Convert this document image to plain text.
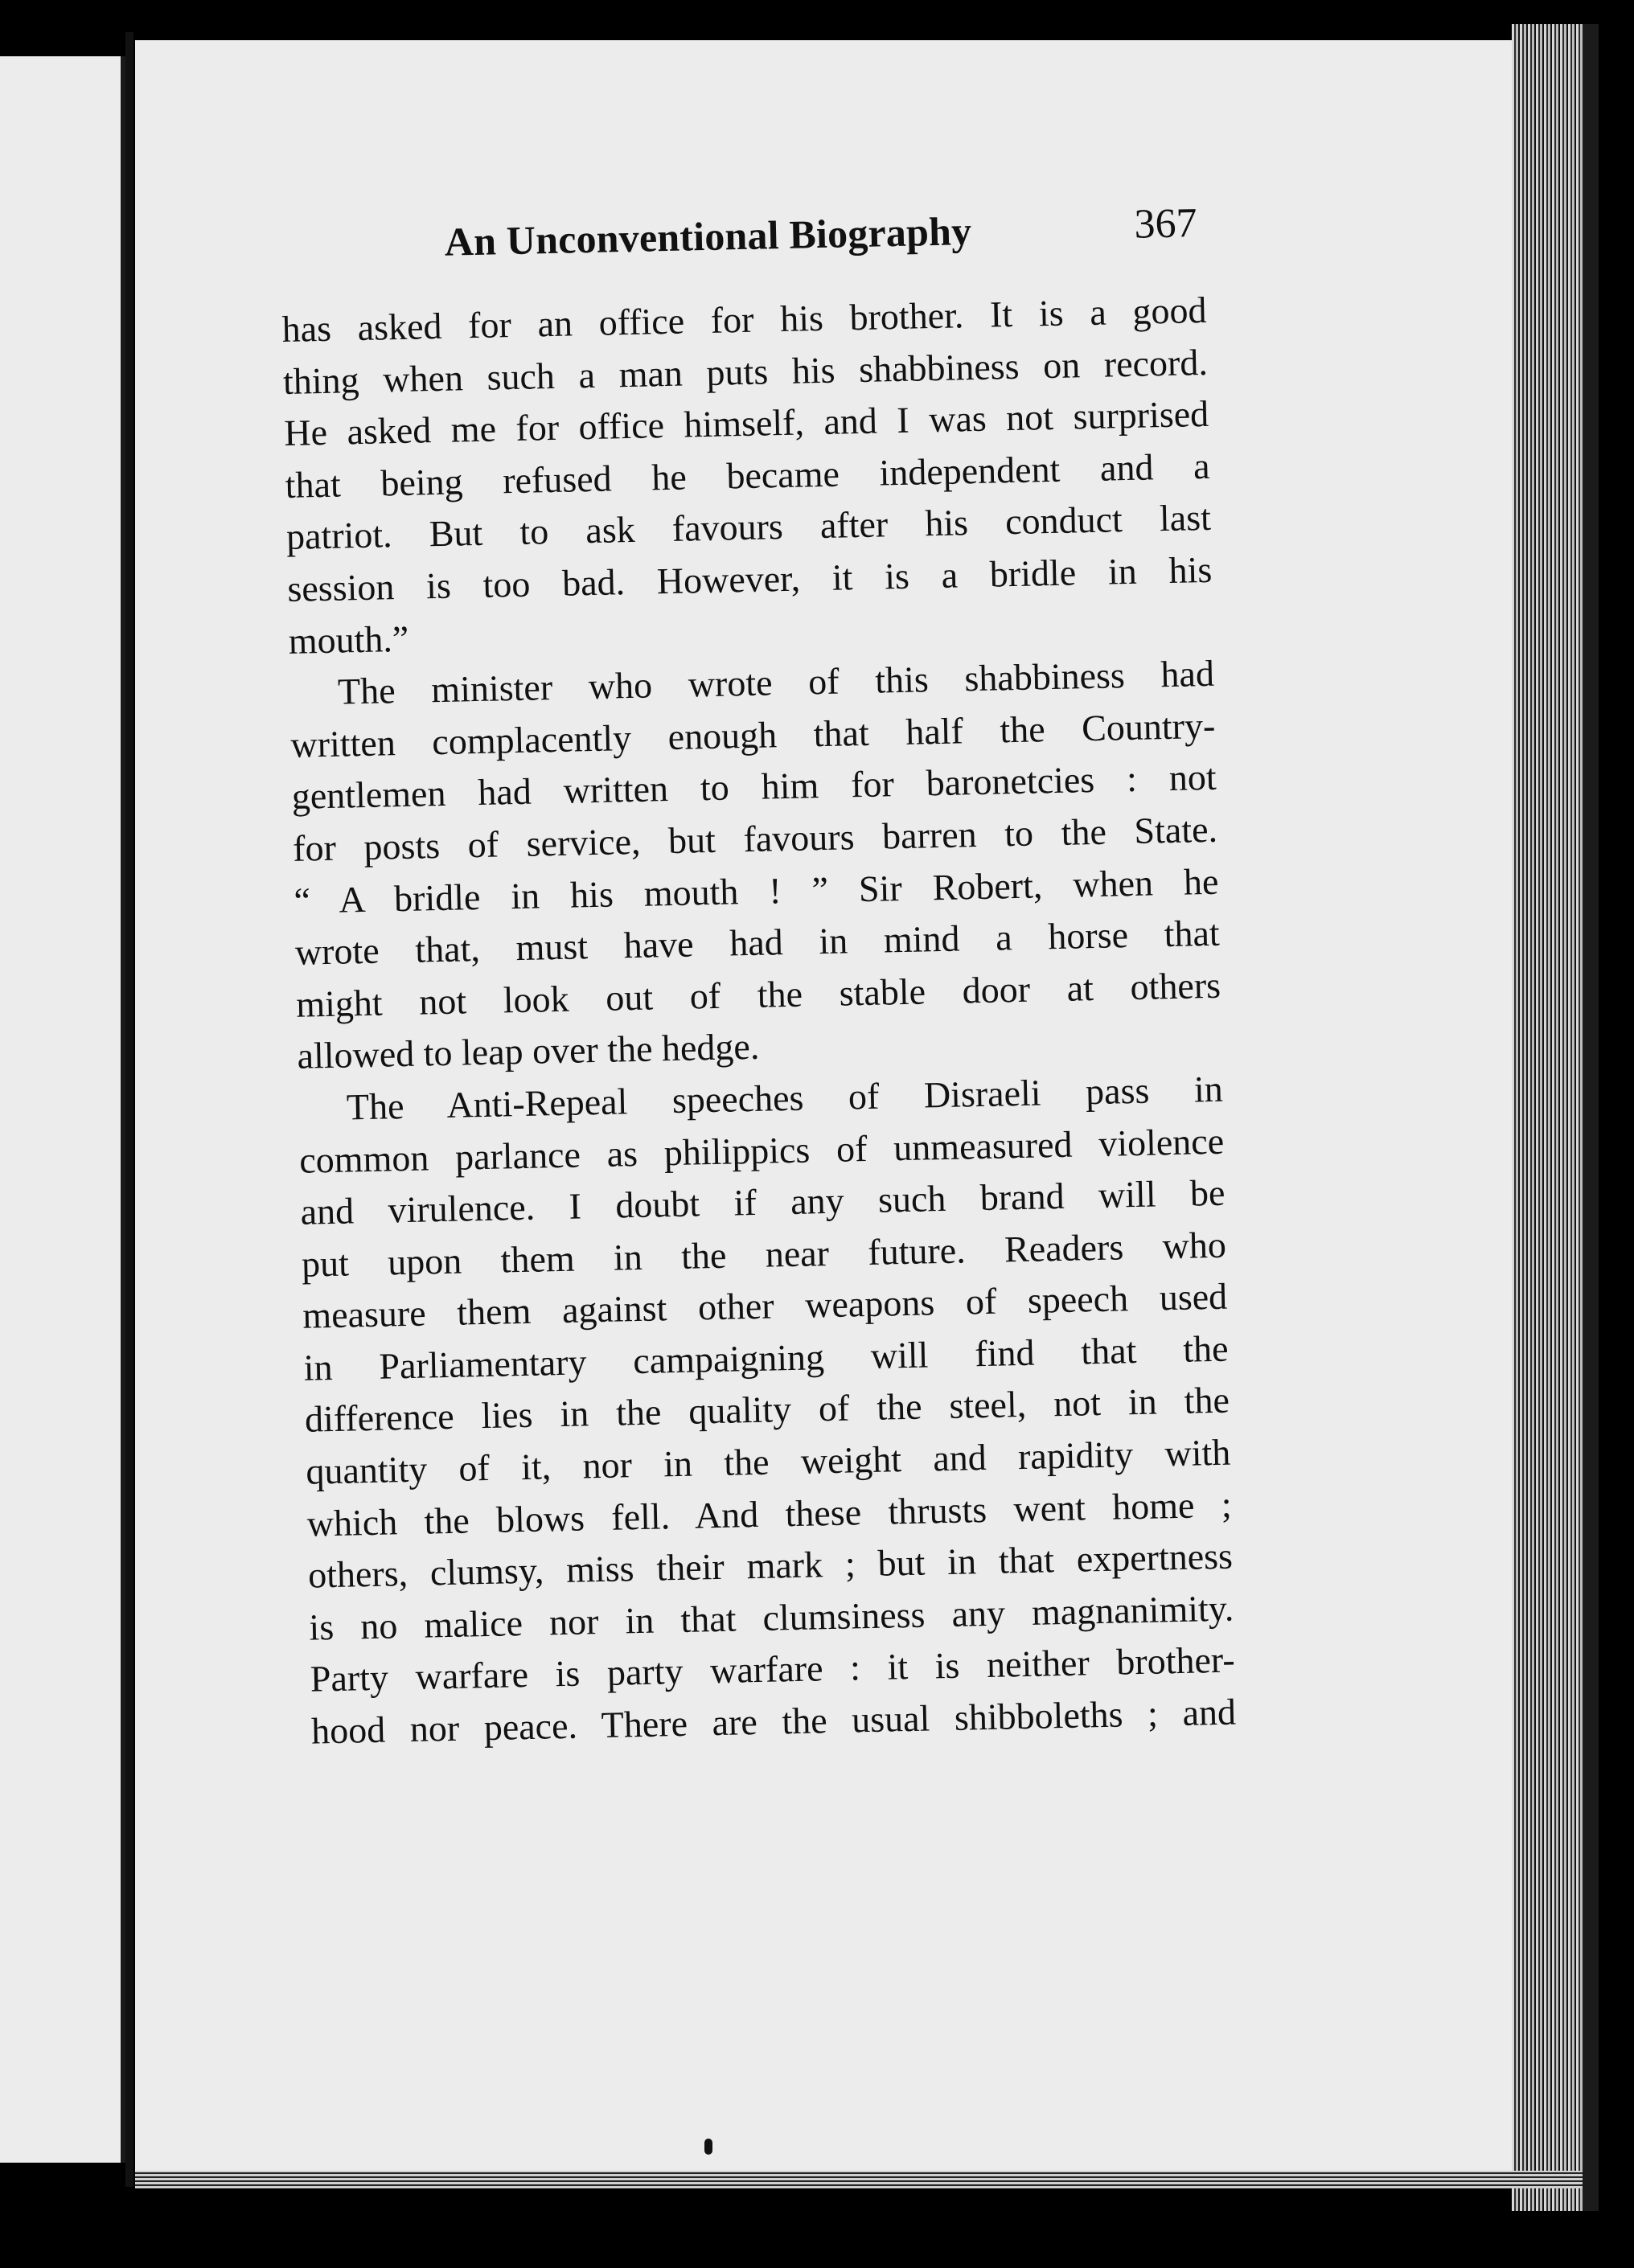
An Unconventional Biography	367
has asked for an office for his brother. It is a good
thing when such a man puts his shabbiness on record.
He asked me for office himself, and I was not surprised
that being refused he became independent and a
patriot. But to ask favours after his conduct last
session is too bad. However, it is a bridle in his
mouth.”
The minister who wrote of this shabbiness had
written complacently enough that half the Country-
gentlemen had written to him for baronetcies : not
for posts of service, but favours barren to the State.
“ A bridle in his mouth ! ” Sir Robert, when he
wrote that, must have had in mind a horse that
might not look out of the stable door at others
allowed to leap over the hedge.
The Anti-Repeal speeches of Disraeli pass in
common parlance as philippics of unmeasured violence
and virulence. I doubt if any such brand will be
put upon them in the near future. Readers who
measure them against other weapons of speech used
in Parliamentary campaigning will find that the
difference lies in the quality of the steel, not in the
quantity of it, nor in the weight and rapidity with
which the blows fell. And these thrusts went home ;
others, clumsy, miss their mark ; but in that expertness
is no malice nor in that clumsiness any magnanimity.
Party warfare is party warfare : it is neither brother-
hood nor peace. There are the usual shibboleths ; and
